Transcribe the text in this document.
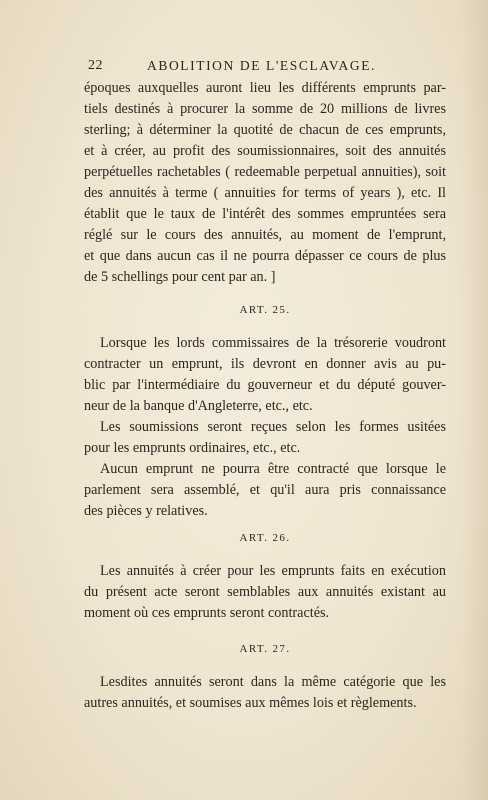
22	ABOLITION DE L'ESCLAVAGE.
époques auxquelles auront lieu les différents emprunts par-
tiels destinés à procurer la somme de 20 millions de livres
sterling; à déterminer la quotité de chacun de ces emprunts,
et à créer, au profit des soumissionnaires, soit des annuités
perpétuelles rachetables ( redeemable perpetual annuities), soit
des annuités à terme ( annuities for terms of years ), etc. Il
établit que le taux de l'intérêt des sommes empruntées sera
réglé sur le cours des annuités, au moment de l'emprunt,
et que dans aucun cas il ne pourra dépasser ce cours de plus
de 5 schellings pour cent par an. ]
ART. 25.
Lorsque les lords commissaires de la trésorerie voudront
contracter un emprunt, ils devront en donner avis au pu-
blic par l'intermédiaire du gouverneur et du député gouver-
neur de la banque d'Angleterre, etc., etc.
Les soumissions seront reçues selon les formes usitées
pour les emprunts ordinaires, etc., etc.
Aucun emprunt ne pourra être contracté que lorsque le
parlement sera assemblé, et qu'il aura pris connaissance
des pièces y relatives.
ART. 26.
Les annuités à créer pour les emprunts faits en exécution
du présent acte seront semblables aux annuités existant au
moment où ces emprunts seront contractés.
ART. 27.
Lesdites annuités seront dans la même catégorie que les
autres annuités, et soumises aux mêmes lois et règlements.
